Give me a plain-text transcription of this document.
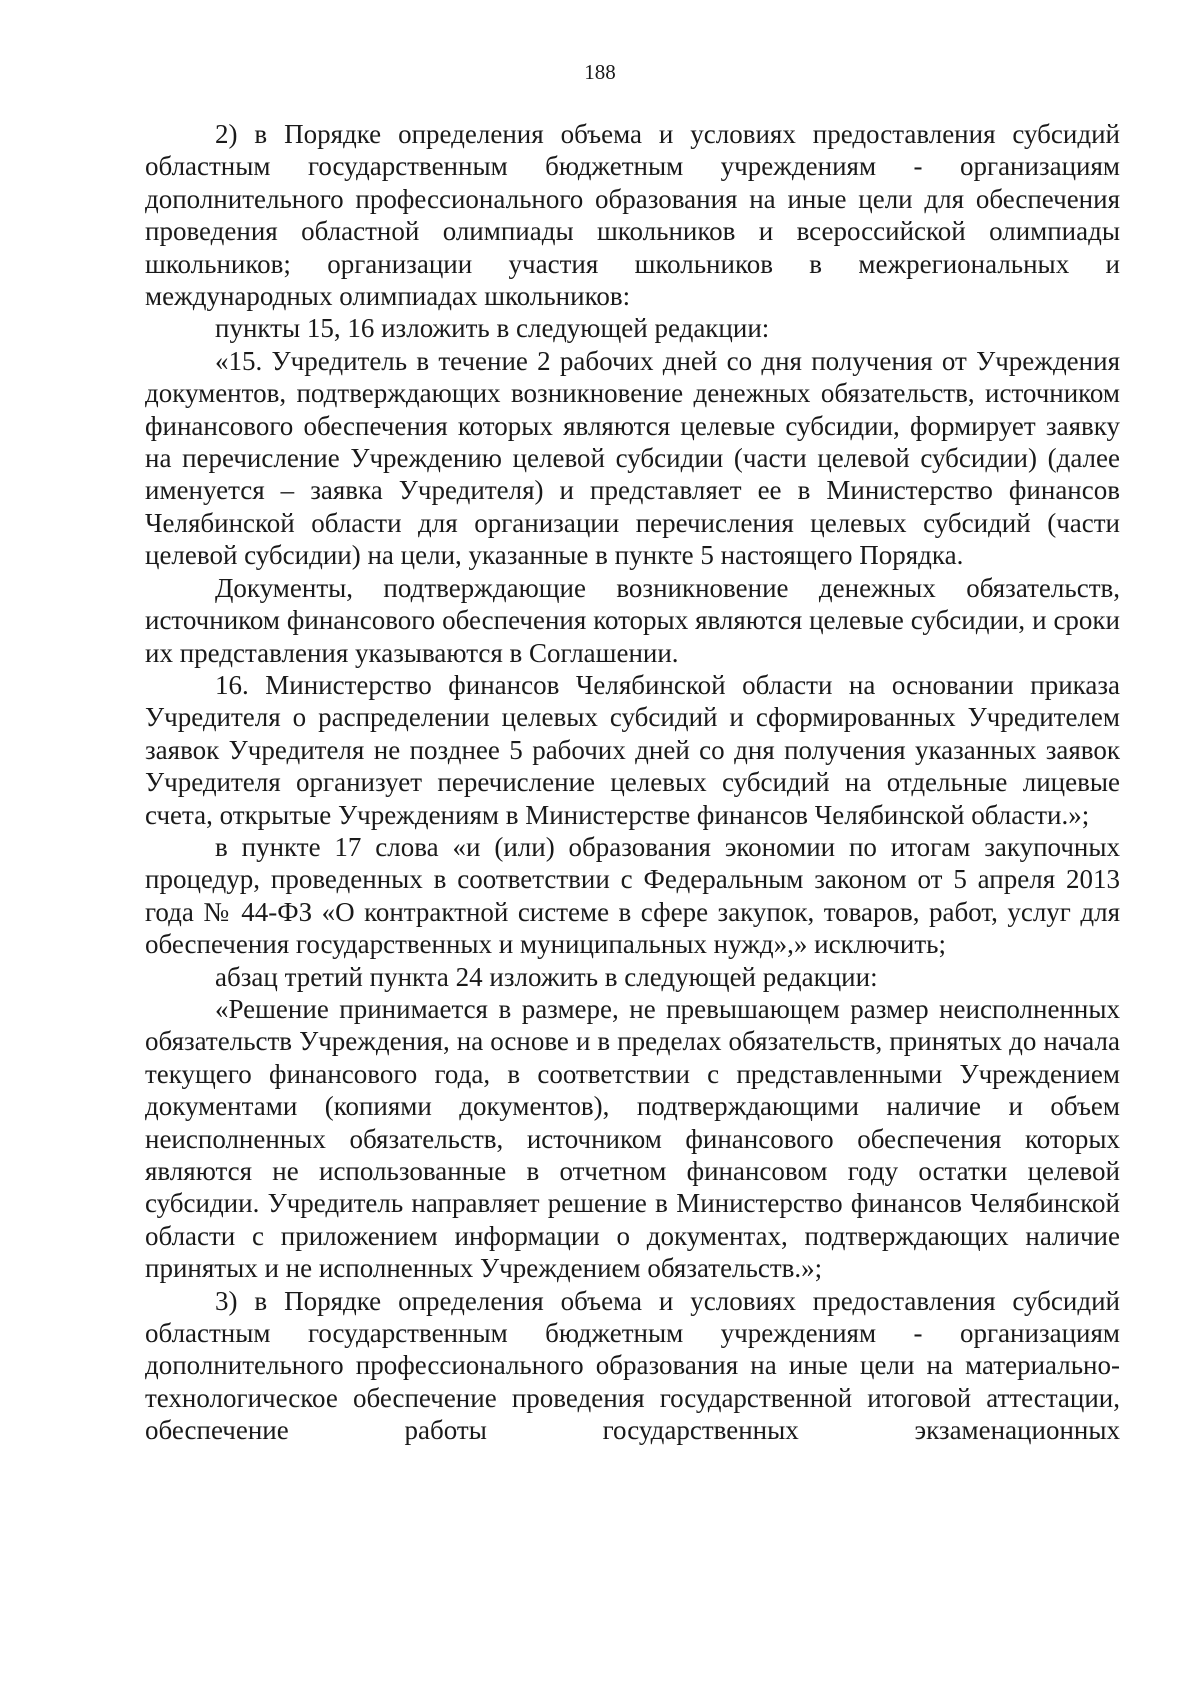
188

2) в Порядке определения объема и условиях предоставления субсидий областным государственным бюджетным учреждениям - организациям дополнительного профессионального образования на иные цели для обеспечения проведения областной олимпиады школьников и всероссийской олимпиады школьников; организации участия школьников в межрегиональных и международных олимпиадах школьников:

пункты 15, 16 изложить в следующей редакции:

«15. Учредитель в течение 2 рабочих дней со дня получения от Учреждения документов, подтверждающих возникновение денежных обязательств, источником финансового обеспечения которых являются целевые субсидии, формирует заявку на перечисление Учреждению целевой субсидии (части целевой субсидии) (далее именуется – заявка Учредителя) и представляет ее в Министерство финансов Челябинской области для организации перечисления целевых субсидий (части целевой субсидии) на цели, указанные в пункте 5 настоящего Порядка.

Документы, подтверждающие возникновение денежных обязательств, источником финансового обеспечения которых являются целевые субсидии, и сроки их представления указываются в Соглашении.

16. Министерство финансов Челябинской области на основании приказа Учредителя о распределении целевых субсидий и сформированных Учредителем заявок Учредителя не позднее 5 рабочих дней со дня получения указанных заявок Учредителя организует перечисление целевых субсидий на отдельные лицевые счета, открытые Учреждениям в Министерстве финансов Челябинской области.»;

в пункте 17 слова «и (или) образования экономии по итогам закупочных процедур, проведенных в соответствии с Федеральным законом от 5 апреля 2013 года № 44-ФЗ «О контрактной системе в сфере закупок, товаров, работ, услуг для обеспечения государственных и муниципальных нужд»,» исключить;

абзац третий пункта 24 изложить в следующей редакции:

«Решение принимается в размере, не превышающем размер неисполненных обязательств Учреждения, на основе и в пределах обязательств, принятых до начала текущего финансового года, в соответствии с представленными Учреждением документами (копиями документов), подтверждающими наличие и объем неисполненных обязательств, источником финансового обеспечения которых являются не использованные в отчетном финансовом году остатки целевой субсидии. Учредитель направляет решение в Министерство финансов Челябинской области с приложением информации о документах, подтверждающих наличие принятых и не исполненных Учреждением обязательств.»;

3) в Порядке определения объема и условиях предоставления субсидий областным государственным бюджетным учреждениям - организациям дополнительного профессионального образования на иные цели на материально-технологическое обеспечение проведения государственной итоговой аттестации, обеспечение работы государственных экзаменационных
